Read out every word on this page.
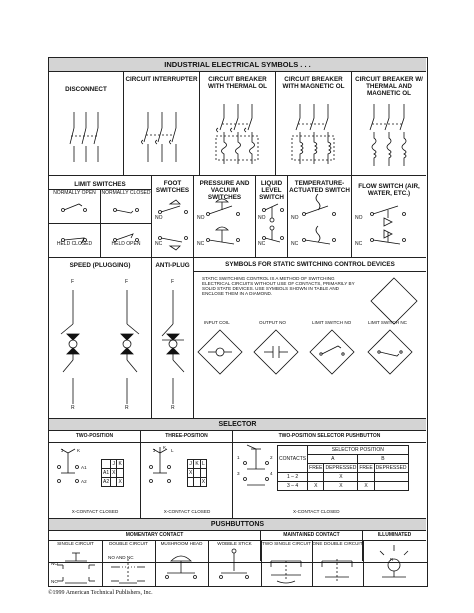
INDUSTRIAL ELECTRICAL SYMBOLS . . .
DISCONNECT
CIRCUIT INTERRUPTER	CIRCUIT BREAKER WITH THERMAL OL
CIRCUIT BREAKER WITH MAGNETIC OL
CIRCUIT BREAKER W/ THERMAL AND MAGNETIC OL
LIMIT SWITCHES
NORMALLY OPEN	NORMALLY CLOSED
HELD CLOSED	HELD OPEN
FOOT SWITCHES
NO
NC
PRESSURE AND VACUUM SWITCHES
NO
NC
LIQUID LEVEL SWITCH
NO
NC
TEMPERATURE-ACTUATED SWITCH
NO
NC
FLOW SWITCH (AIR, WATER, ETC.)
NO
NC
SPEED (PLUGGING)
F	F
R	R
ANTI-PLUG
F
R
SYMBOLS FOR STATIC SWITCHING CONTROL DEVICES
STATIC SWITCHING CONTROL IS A METHOD OF SWITCHING ELECTRICAL CIRCUITS WITHOUT USE OF CONTACTS, PRIMARILY BY SOLID STATE DEVICES. USE SYMBOLS SHOWN IN TABLE AND ENCLOSE THEM IN A DIAMOND.
INPUT COIL	OUTPUT NO	LIMIT SWITCH NO	LIMIT SWITCH NC
SELECTOR
TWO-POSITION
J	K
A1
A2
	J	K
A1	X	
A2		X
X-CONTACT CLOSED
THREE-POSITION
J
K
L
J	K	L
X		
		X
X-CONTACT CLOSED
TWO-POSITION SELECTOR PUSHBUTTON
1	2
3	4
CONTACTS	SELECTOR POSITION			
	A		B	
	FREE	DEPRESSED	FREE	DEPRESSED
1 – 2		X		
3 – 4	X	X	X	
X-CONTACT CLOSED
PUSHBUTTONS
MOMENTARY CONTACT	MAINTAINED CONTACT	ILLUMINATED
SINGLE CIRCUIT
NO
NC
DOUBLE CIRCUIT
NO AND NC
MUSHROOM HEAD	WOBBLE STICK	TWO SINGLE CIRCUIT ONE DOUBLE CIRCUIT
R
©1999 American Technical Publishers, Inc.
